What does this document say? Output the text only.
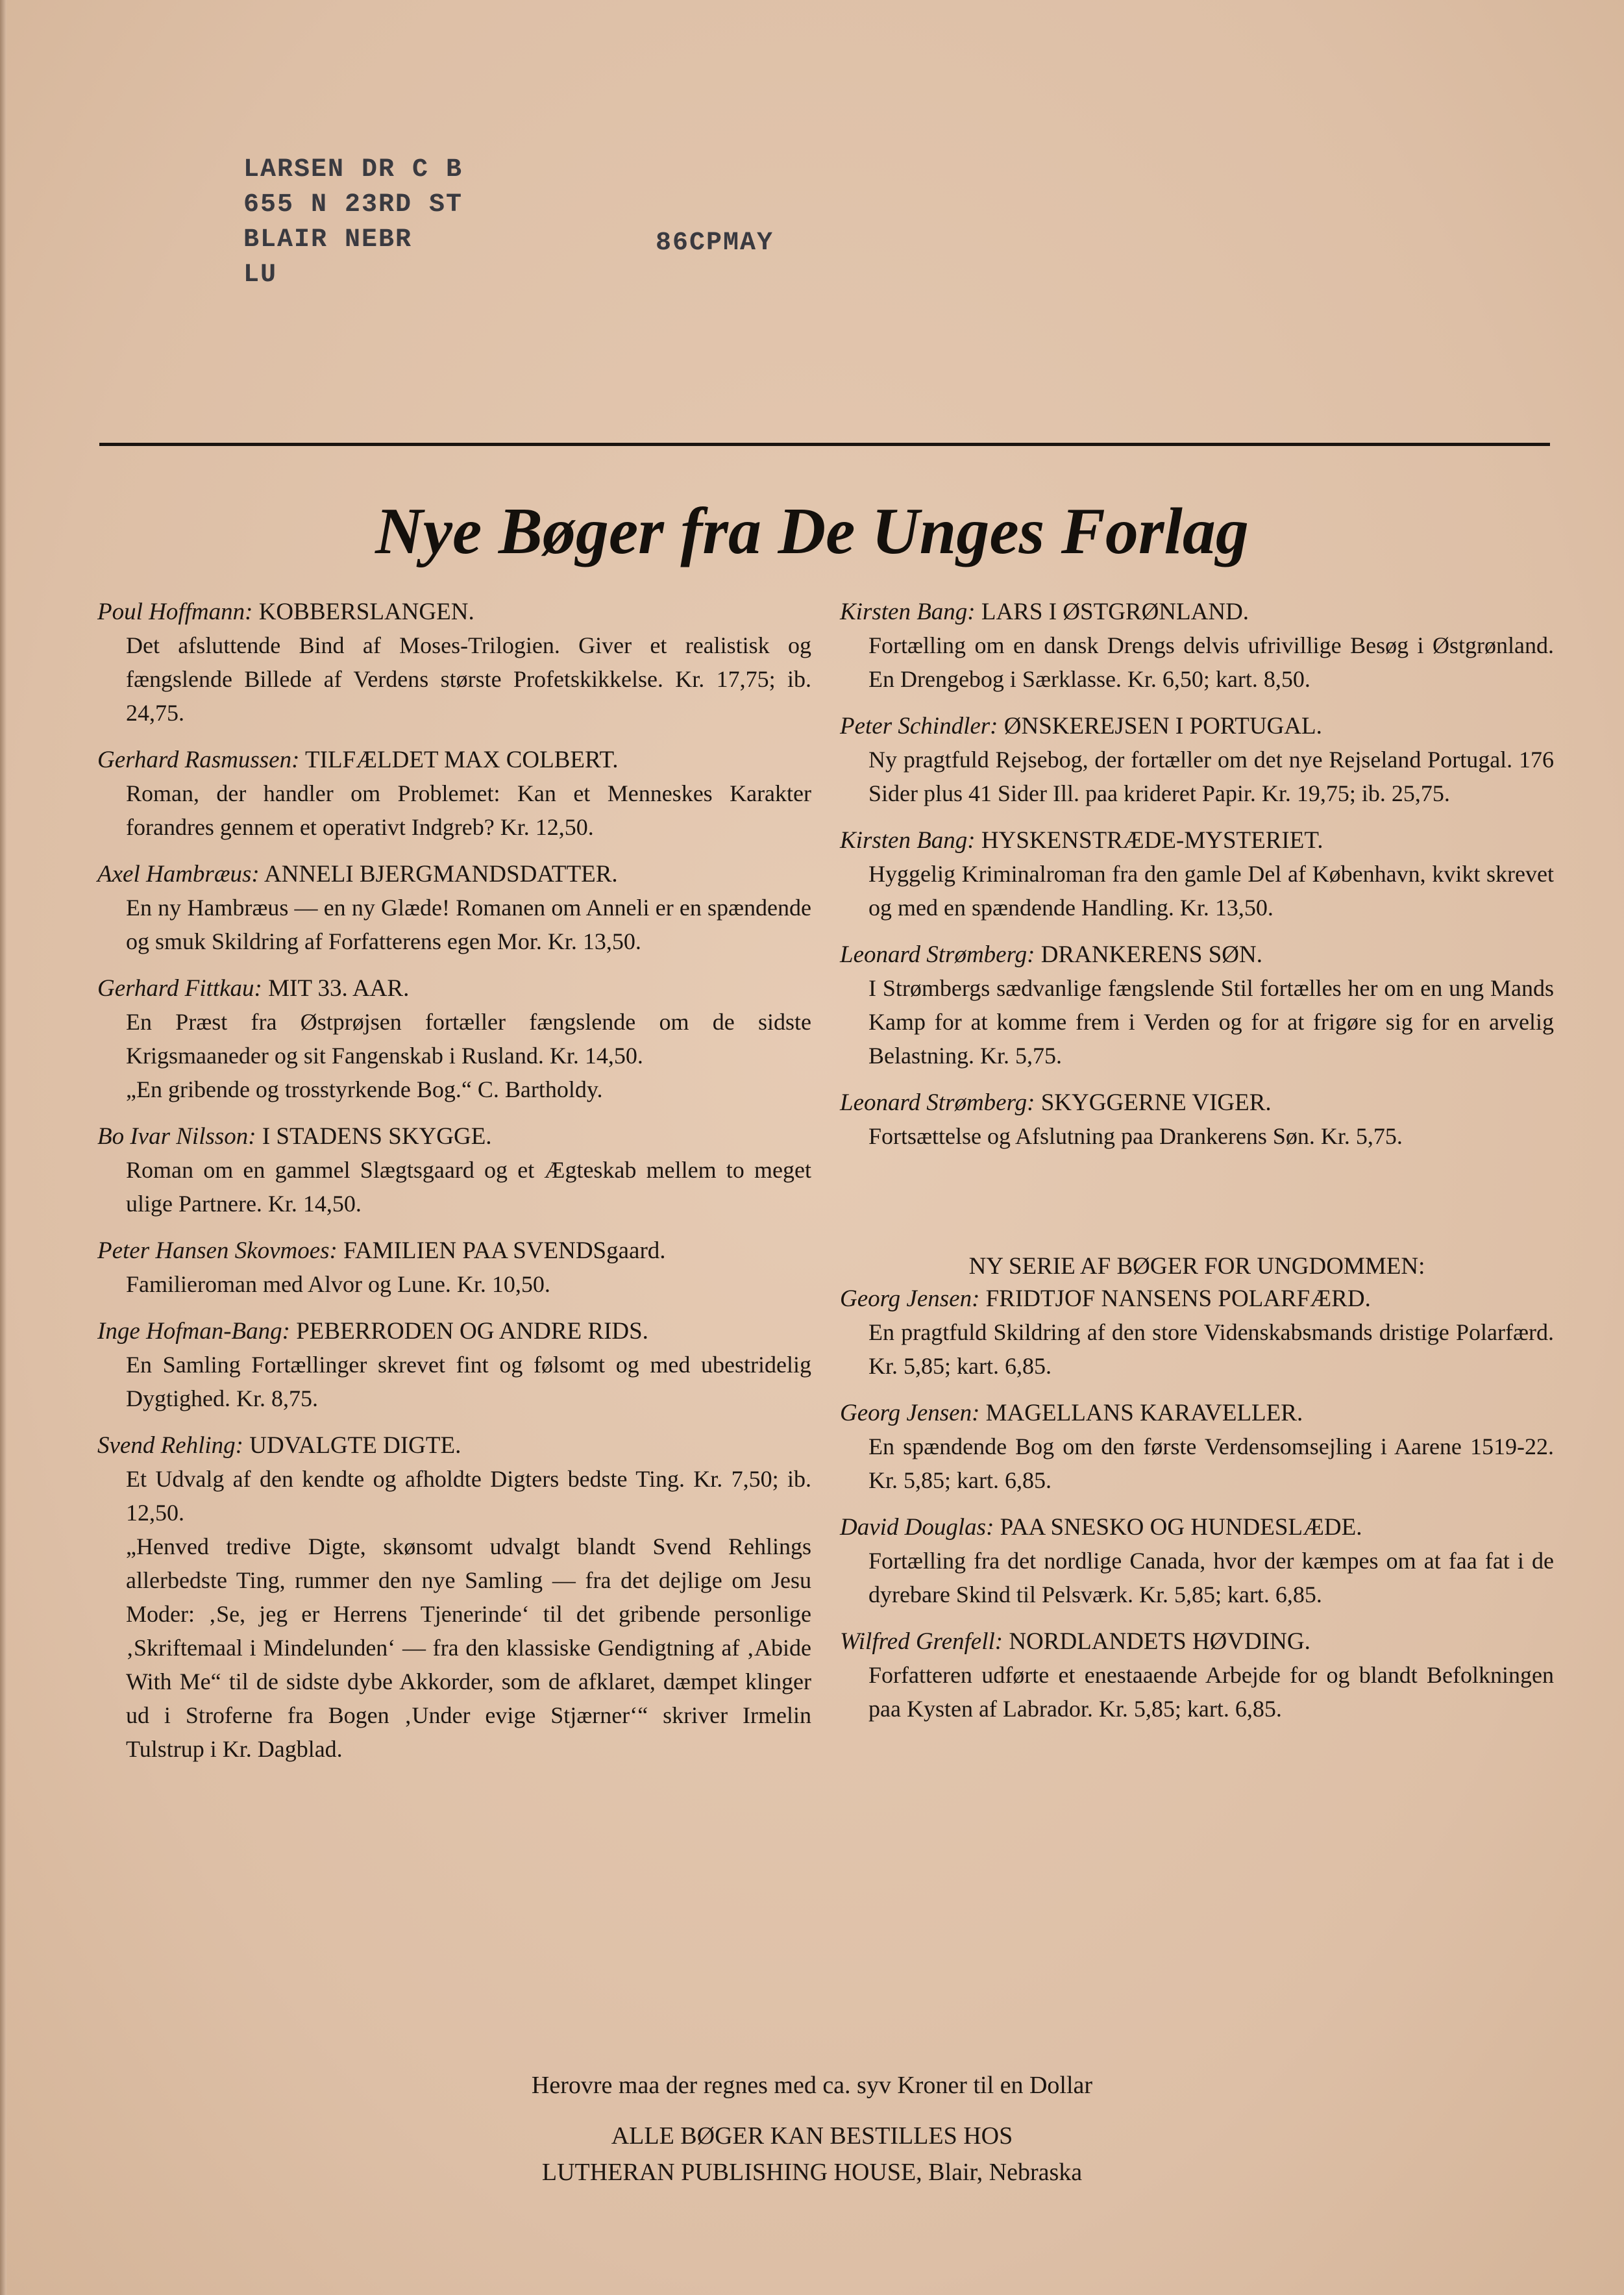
LARSEN DR C B
655 N 23RD ST
BLAIR NEBR
LU
86CPMAY
Nye Bøger fra De Unges Forlag
Poul Hoffmann: KOBBERSLANGEN.
Det afsluttende Bind af Moses-Trilogien. Giver et realistisk og fængslende Billede af Verdens største Profetskikkelse. Kr. 17,75; ib. 24,75.
Gerhard Rasmussen: TILFÆLDET MAX COLBERT.
Roman, der handler om Problemet: Kan et Menneskes Karakter forandres gennem et operativt Indgreb? Kr. 12,50.
Axel Hambræus: ANNELI BJERGMANDSDATTER.
En ny Hambræus — en ny Glæde! Romanen om Anneli er en spændende og smuk Skildring af Forfatterens egen Mor. Kr. 13,50.
Gerhard Fittkau: MIT 33. AAR.
En Præst fra Østprøjsen fortæller fængslende om de sidste Krigsmaaneder og sit Fangenskab i Rusland. Kr. 14,50.
„En gribende og trosstyrkende Bog.“ C. Bartholdy.
Bo Ivar Nilsson: I STADENS SKYGGE.
Roman om en gammel Slægtsgaard og et Ægteskab mellem to meget ulige Partnere. Kr. 14,50.
Peter Hansen Skovmoes: FAMILIEN PAA SVENDSgaard.
Familieroman med Alvor og Lune. Kr. 10,50.
Inge Hofman-Bang: PEBERRODEN OG ANDRE RIDS.
En Samling Fortællinger skrevet fint og følsomt og med ubestridelig Dygtighed. Kr. 8,75.
Svend Rehling: UDVALGTE DIGTE.
Et Udvalg af den kendte og afholdte Digters bedste Ting. Kr. 7,50; ib. 12,50.
„Henved tredive Digte, skønsomt udvalgt blandt Svend Rehlings allerbedste Ting, rummer den nye Samling — fra det dejlige om Jesu Moder: ‚Se, jeg er Herrens Tjenerinde‘ til det gribende personlige ‚Skriftemaal i Mindelunden‘ — fra den klassiske Gendigtning af ‚Abide With Me“ til de sidste dybe Akkorder, som de afklaret, dæmpet klinger ud i Stroferne fra Bogen ‚Under evige Stjærner‘“ skriver Irmelin Tulstrup i Kr. Dagblad.
Kirsten Bang: LARS I ØSTGRØNLAND.
Fortælling om en dansk Drengs delvis ufrivillige Besøg i Østgrønland. En Drengebog i Særklasse. Kr. 6,50; kart. 8,50.
Peter Schindler: ØNSKEREJSEN I PORTUGAL.
Ny pragtfuld Rejsebog, der fortæller om det nye Rejseland Portugal. 176 Sider plus 41 Sider Ill. paa krideret Papir. Kr. 19,75; ib. 25,75.
Kirsten Bang: HYSKENSTRÆDE-MYSTERIET.
Hyggelig Kriminalroman fra den gamle Del af København, kvikt skrevet og med en spændende Handling. Kr. 13,50.
Leonard Strømberg: DRANKERENS SØN.
I Strømbergs sædvanlige fængslende Stil fortælles her om en ung Mands Kamp for at komme frem i Verden og for at frigøre sig for en arvelig Belastning. Kr. 5,75.
Leonard Strømberg: SKYGGERNE VIGER.
Fortsættelse og Afslutning paa Drankerens Søn. Kr. 5,75.
NY SERIE AF BØGER FOR UNGDOMMEN:
Georg Jensen: FRIDTJOF NANSENS POLARFÆRD.
En pragtfuld Skildring af den store Videnskabsmands dristige Polarfærd. Kr. 5,85; kart. 6,85.
Georg Jensen: MAGELLANS KARAVELLER.
En spændende Bog om den første Verdensomsejling i Aarene 1519-22. Kr. 5,85; kart. 6,85.
David Douglas: PAA SNESKO OG HUNDESLÆDE.
Fortælling fra det nordlige Canada, hvor der kæmpes om at faa fat i de dyrebare Skind til Pelsværk. Kr. 5,85; kart. 6,85.
Wilfred Grenfell: NORDLANDETS HØVDING.
Forfatteren udførte et enestaaende Arbejde for og blandt Befolkningen paa Kysten af Labrador. Kr. 5,85; kart. 6,85.
Herovre maa der regnes med ca. syv Kroner til en Dollar
ALLE BØGER KAN BESTILLES HOS
LUTHERAN PUBLISHING HOUSE, Blair, Nebraska
